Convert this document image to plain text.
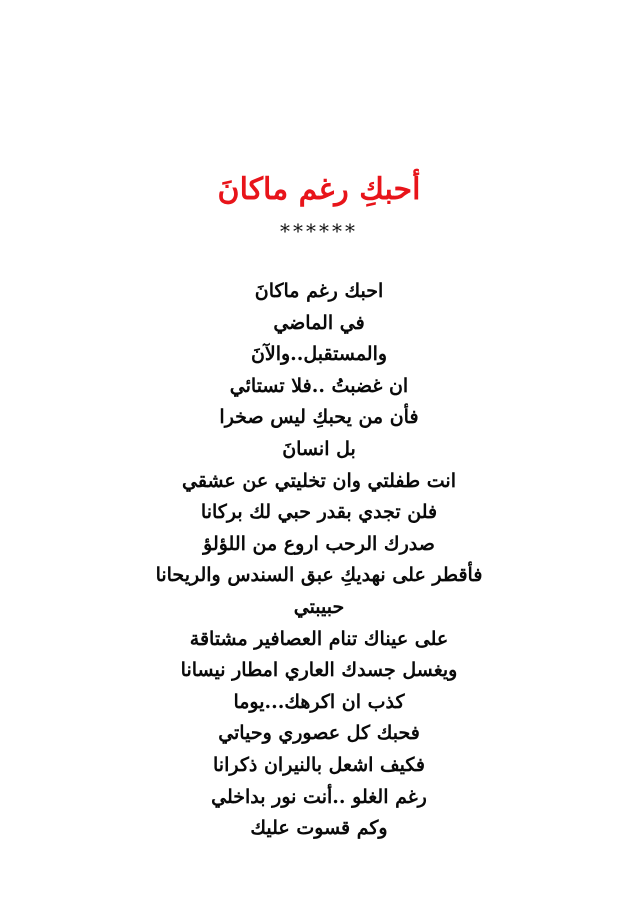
أحبكِ رغم ماكانَ
******
احبك رغم ماكانَ
في الماضي
والمستقبل..والآنَ
ان غضبتُ ..فلا تستائي
فأن من يحبكِ ليس صخرا
بل انسانَ
انت طفلتي وان تخليتي عن عشقي
فلن تجدي بقدر حبي لك بركانا
صدرك الرحب اروع من اللؤلؤ
فأقطر على نهديكِ عبق السندس والريحانا
حبيبتي
على عيناك تنام العصافير مشتاقة
ويغسل جسدك العاري امطار نيسانا
كذب ان اكرهك...يوما
فحبك كل عصوري وحياتي
فكيف اشعل بالنيران ذكرانا
رغم الغلو ..أنت نور بداخلي
وكم قسوت عليك
